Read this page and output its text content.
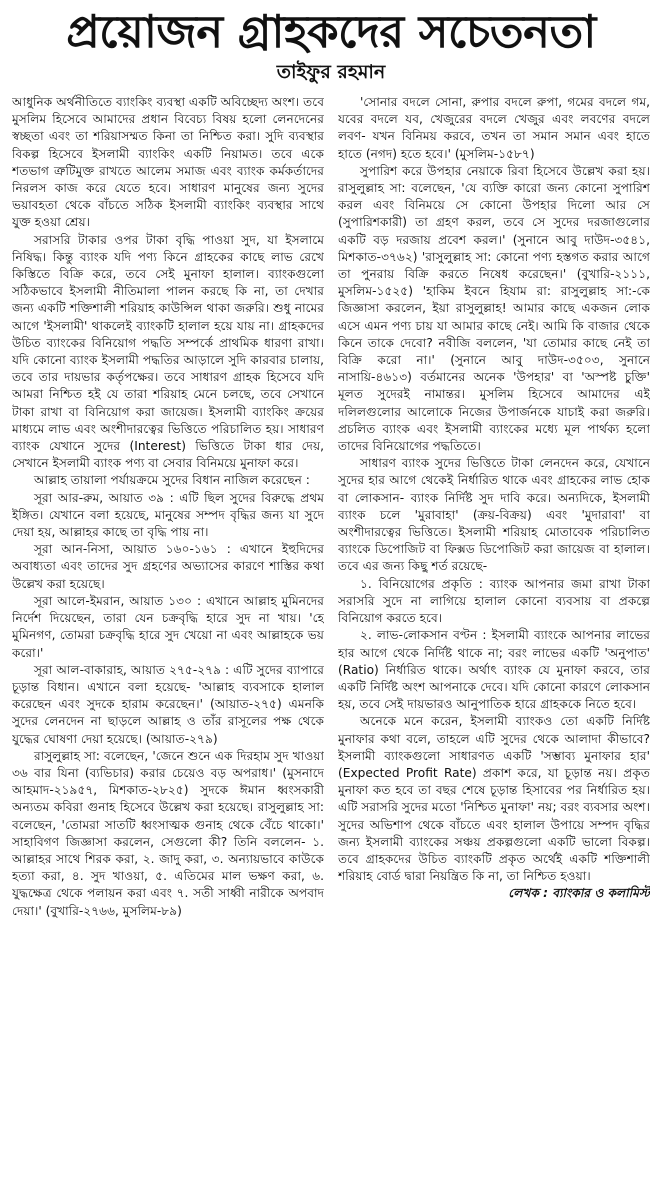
প্রয়োজন গ্রাহকদের সচেতনতা
তাইফুর রহমান

আধুনিক অর্থনীতিতে ব্যাংকিং ব্যবস্থা একটি অবিচ্ছেদ্য অংশ। তবে মুসলিম হিসেবে আমাদের প্রধান বিবেচ্য বিষয় হলো লেনদেনের স্বচ্ছতা এবং তা শরিয়াসম্মত কিনা তা নিশ্চিত করা। সুদি ব্যবস্থার বিকল্প হিসেবে ইসলামী ব্যাংকিং একটি নিয়ামত। তবে একে শতভাগ ত্রুটিমুক্ত রাখতে আলেম সমাজ এবং ব্যাংক কর্মকর্তাদের নিরলস কাজ করে যেতে হবে। সাধারণ মানুষের জন্য সুদের ভয়াবহতা থেকে বাঁচতে সঠিক ইসলামী ব্যাংকিং ব্যবস্থার সাথে যুক্ত হওয়া শ্রেয়।

সরাসরি টাকার ওপর টাকা বৃদ্ধি পাওয়া সুদ, যা ইসলামে নিষিদ্ধ। কিন্তু ব্যাংক যদি পণ্য কিনে গ্রাহকের কাছে লাভ রেখে কিস্তিতে বিক্রি করে, তবে সেই মুনাফা হালাল। ব্যাংকগুলো সঠিকভাবে ইসলামী নীতিমালা পালন করছে কি না, তা দেখার জন্য একটি শক্তিশালী শরিয়াহ কাউন্সিল থাকা জরুরি। শুধু নামের আগে 'ইসলামী' থাকলেই ব্যাংকটি হালাল হয়ে যায় না। গ্রাহকদের উচিত ব্যাংকের বিনিয়োগ পদ্ধতি সম্পর্কে প্রাথমিক ধারণা রাখা। যদি কোনো ব্যাংক ইসলামী পদ্ধতির আড়ালে সুদি কারবার চালায়, তবে তার দায়ভার কর্তৃপক্ষের। তবে সাধারণ গ্রাহক হিসেবে যদি আমরা নিশ্চিত হই যে তারা শরিয়াহ মেনে চলছে, তবে সেখানে টাকা রাখা বা বিনিয়োগ করা জায়েজ। ইসলামী ব্যাংকিং ক্রয়ের মাধ্যমে লাভ এবং অংশীদারত্বের ভিত্তিতে পরিচালিত হয়। সাধারণ ব্যাংক যেখানে সুদের (Interest) ভিত্তিতে টাকা ধার দেয়, সেখানে ইসলামী ব্যাংক পণ্য বা সেবার বিনিময়ে মুনাফা করে।

আল্লাহ তায়ালা পর্যায়ক্রমে সুদের বিধান নাজিল করেছেন :

সূরা আর-রুম, আয়াত ৩৯ : এটি ছিল সুদের বিরুদ্ধে প্রথম ইঙ্গিত। যেখানে বলা হয়েছে, মানুষের সম্পদ বৃদ্ধির জন্য যা সুদে দেয়া হয়, আল্লাহর কাছে তা বৃদ্ধি পায় না।

সূরা আন-নিসা, আয়াত ১৬০-১৬১ : এখানে ইহুদিদের অবাধ্যতা এবং তাদের সুদ গ্রহণের অভ্যাসের কারণে শাস্তির কথা উল্লেখ করা হয়েছে।

সূরা আলে-ইমরান, আয়াত ১৩০ : এখানে আল্লাহ মুমিনদের নির্দেশ দিয়েছেন, তারা যেন চক্রবৃদ্ধি হারে সুদ না খায়। 'হে মুমিনগণ, তোমরা চক্রবৃদ্ধি হারে সুদ খেয়ো না এবং আল্লাহকে ভয় করো।'

সূরা আল-বাকারাহ, আয়াত ২৭৫-২৭৯ : এটি সুদের ব্যাপারে চূড়ান্ত বিধান। এখানে বলা হয়েছে- 'আল্লাহ ব্যবসাকে হালাল করেছেন এবং সুদকে হারাম করেছেন।' (আয়াত-২৭৫) এমনকি সুদের লেনদেন না ছাড়লে আল্লাহ ও তাঁর রাসূলের পক্ষ থেকে যুদ্ধের ঘোষণা দেয়া হয়েছে। (আয়াত-২৭৯)

রাসুলুল্লাহ সা: বলেছেন, 'জেনে শুনে এক দিরহাম সুদ খাওয়া ৩৬ বার যিনা (ব্যভিচার) করার চেয়েও বড় অপরাধ।' (মুসনাদে আহমাদ-২১৯৫৭, মিশকাত-২৮২৫) সুদকে ঈমান ধ্বংসকারী অন্যতম কবিরা গুনাহ হিসেবে উল্লেখ করা হয়েছে। রাসুলুল্লাহ সা: বলেছেন, 'তোমরা সাতটি ধ্বংসাত্মক গুনাহ থেকে বেঁচে থাকো।' সাহাবিগণ জিজ্ঞাসা করলেন, সেগুলো কী? তিনি বললেন- ১. আল্লাহর সাথে শিরক করা, ২. জাদু করা, ৩. অন্যায়ভাবে কাউকে হত্যা করা, ৪. সুদ খাওয়া, ৫. এতিমের মাল ভক্ষণ করা, ৬. যুদ্ধক্ষেত্র থেকে পলায়ন করা এবং ৭. সতী সাধ্বী নারীকে অপবাদ দেয়া।' (বুখারি-২৭৬৬, মুসলিম-৮৯)

'সোনার বদলে সোনা, রুপার বদলে রুপা, গমের বদলে গম, যবের বদলে যব, খেজুরের বদলে খেজুর এবং লবণের বদলে লবণ- যখন বিনিময় করবে, তখন তা সমান সমান এবং হাতে হাতে (নগদ) হতে হবে।' (মুসলিম-১৫৮৭)

সুপারিশ করে উপহার নেয়াকে রিবা হিসেবে উল্লেখ করা হয়। রাসুলুল্লাহ সা: বলেছেন, 'যে ব্যক্তি কারো জন্য কোনো সুপারিশ করল এবং বিনিময়ে সে কোনো উপহার দিলো আর সে (সুপারিশকারী) তা গ্রহণ করল, তবে সে সুদের দরজাগুলোর একটি বড় দরজায় প্রবেশ করল।' (সুনানে আবু দাউদ-৩৫৪১, মিশকাত-৩৭৬২) 'রাসুলুল্লাহ সা: কোনো পণ্য হস্তগত করার আগে তা পুনরায় বিক্রি করতে নিষেধ করেছেন।' (বুখারি-২১১১, মুসলিম-১৫২৫) 'হাকিম ইবনে হিযাম রা: রাসুলুল্লাহ সা:-কে জিজ্ঞাসা করলেন, ইয়া রাসুলুল্লাহ! আমার কাছে একজন লোক এসে এমন পণ্য চায় যা আমার কাছে নেই। আমি কি বাজার থেকে কিনে তাকে দেবো? নবীজি বললেন, 'যা তোমার কাছে নেই তা বিক্রি করো না।' (সুনানে আবু দাউদ-৩৫০৩, সুনানে নাসায়ি-৪৬১৩) বর্তমানের অনেক 'উপহার' বা 'অস্পষ্ট চুক্তি' মূলত সুদেরই নামান্তর। মুসলিম হিসেবে আমাদের এই দলিলগুলোর আলোকে নিজের উপার্জনকে যাচাই করা জরুরি। প্রচলিত ব্যাংক এবং ইসলামী ব্যাংকের মধ্যে মূল পার্থক্য হলো তাদের বিনিয়োগের পদ্ধতিতে।

সাধারণ ব্যাংক সুদের ভিত্তিতে টাকা লেনদেন করে, যেখানে সুদের হার আগে থেকেই নির্ধারিত থাকে এবং গ্রাহকের লাভ হোক বা লোকসান- ব্যাংক নির্দিষ্ট সুদ দাবি করে। অন্যদিকে, ইসলামী ব্যাংক চলে 'মুরাবাহা' (ক্রয়-বিক্রয়) এবং 'মুদারাবা' বা অংশীদারত্বের ভিত্তিতে। ইসলামী শরিয়াহ মোতাবেক পরিচালিত ব্যাংকে ডিপোজিট বা ফিক্সড ডিপোজিট করা জায়েজ বা হালাল। তবে এর জন্য কিছু শর্ত রয়েছে-

১. বিনিয়োগের প্রকৃতি : ব্যাংক আপনার জমা রাখা টাকা সরাসরি সুদে না লাগিয়ে হালাল কোনো ব্যবসায় বা প্রকল্পে বিনিয়োগ করতে হবে।

২. লাভ-লোকসান বণ্টন : ইসলামী ব্যাংকে আপনার লাভের হার আগে থেকে নির্দিষ্ট থাকে না; বরং লাভের একটি 'অনুপাত' (Ratio) নির্ধারিত থাকে। অর্থাৎ ব্যাংক যে মুনাফা করবে, তার একটি নির্দিষ্ট অংশ আপনাকে দেবে। যদি কোনো কারণে লোকসান হয়, তবে সেই দায়ভারও আনুপাতিক হারে গ্রাহককে নিতে হবে।

অনেকে মনে করেন, ইসলামী ব্যাংকও তো একটি নির্দিষ্ট মুনাফার কথা বলে, তাহলে এটি সুদের থেকে আলাদা কীভাবে? ইসলামী ব্যাংকগুলো সাধারণত একটি 'সম্ভাব্য মুনাফার হার' (Expected Profit Rate) প্রকাশ করে, যা চূড়ান্ত নয়। প্রকৃত মুনাফা কত হবে তা বছর শেষে চূড়ান্ত হিসাবের পর নির্ধারিত হয়। এটি সরাসরি সুদের মতো 'নিশ্চিত মুনাফা' নয়; বরং ব্যবসার অংশ। সুদের অভিশাপ থেকে বাঁচতে এবং হালাল উপায়ে সম্পদ বৃদ্ধির জন্য ইসলামী ব্যাংকের সঞ্চয় প্রকল্পগুলো একটি ভালো বিকল্প। তবে গ্রাহকদের উচিত ব্যাংকটি প্রকৃত অর্থেই একটি শক্তিশালী শরিয়াহ বোর্ড দ্বারা নিয়ন্ত্রিত কি না, তা নিশ্চিত হওয়া।

লেখক : ব্যাংকার ও কলামিস্ট
